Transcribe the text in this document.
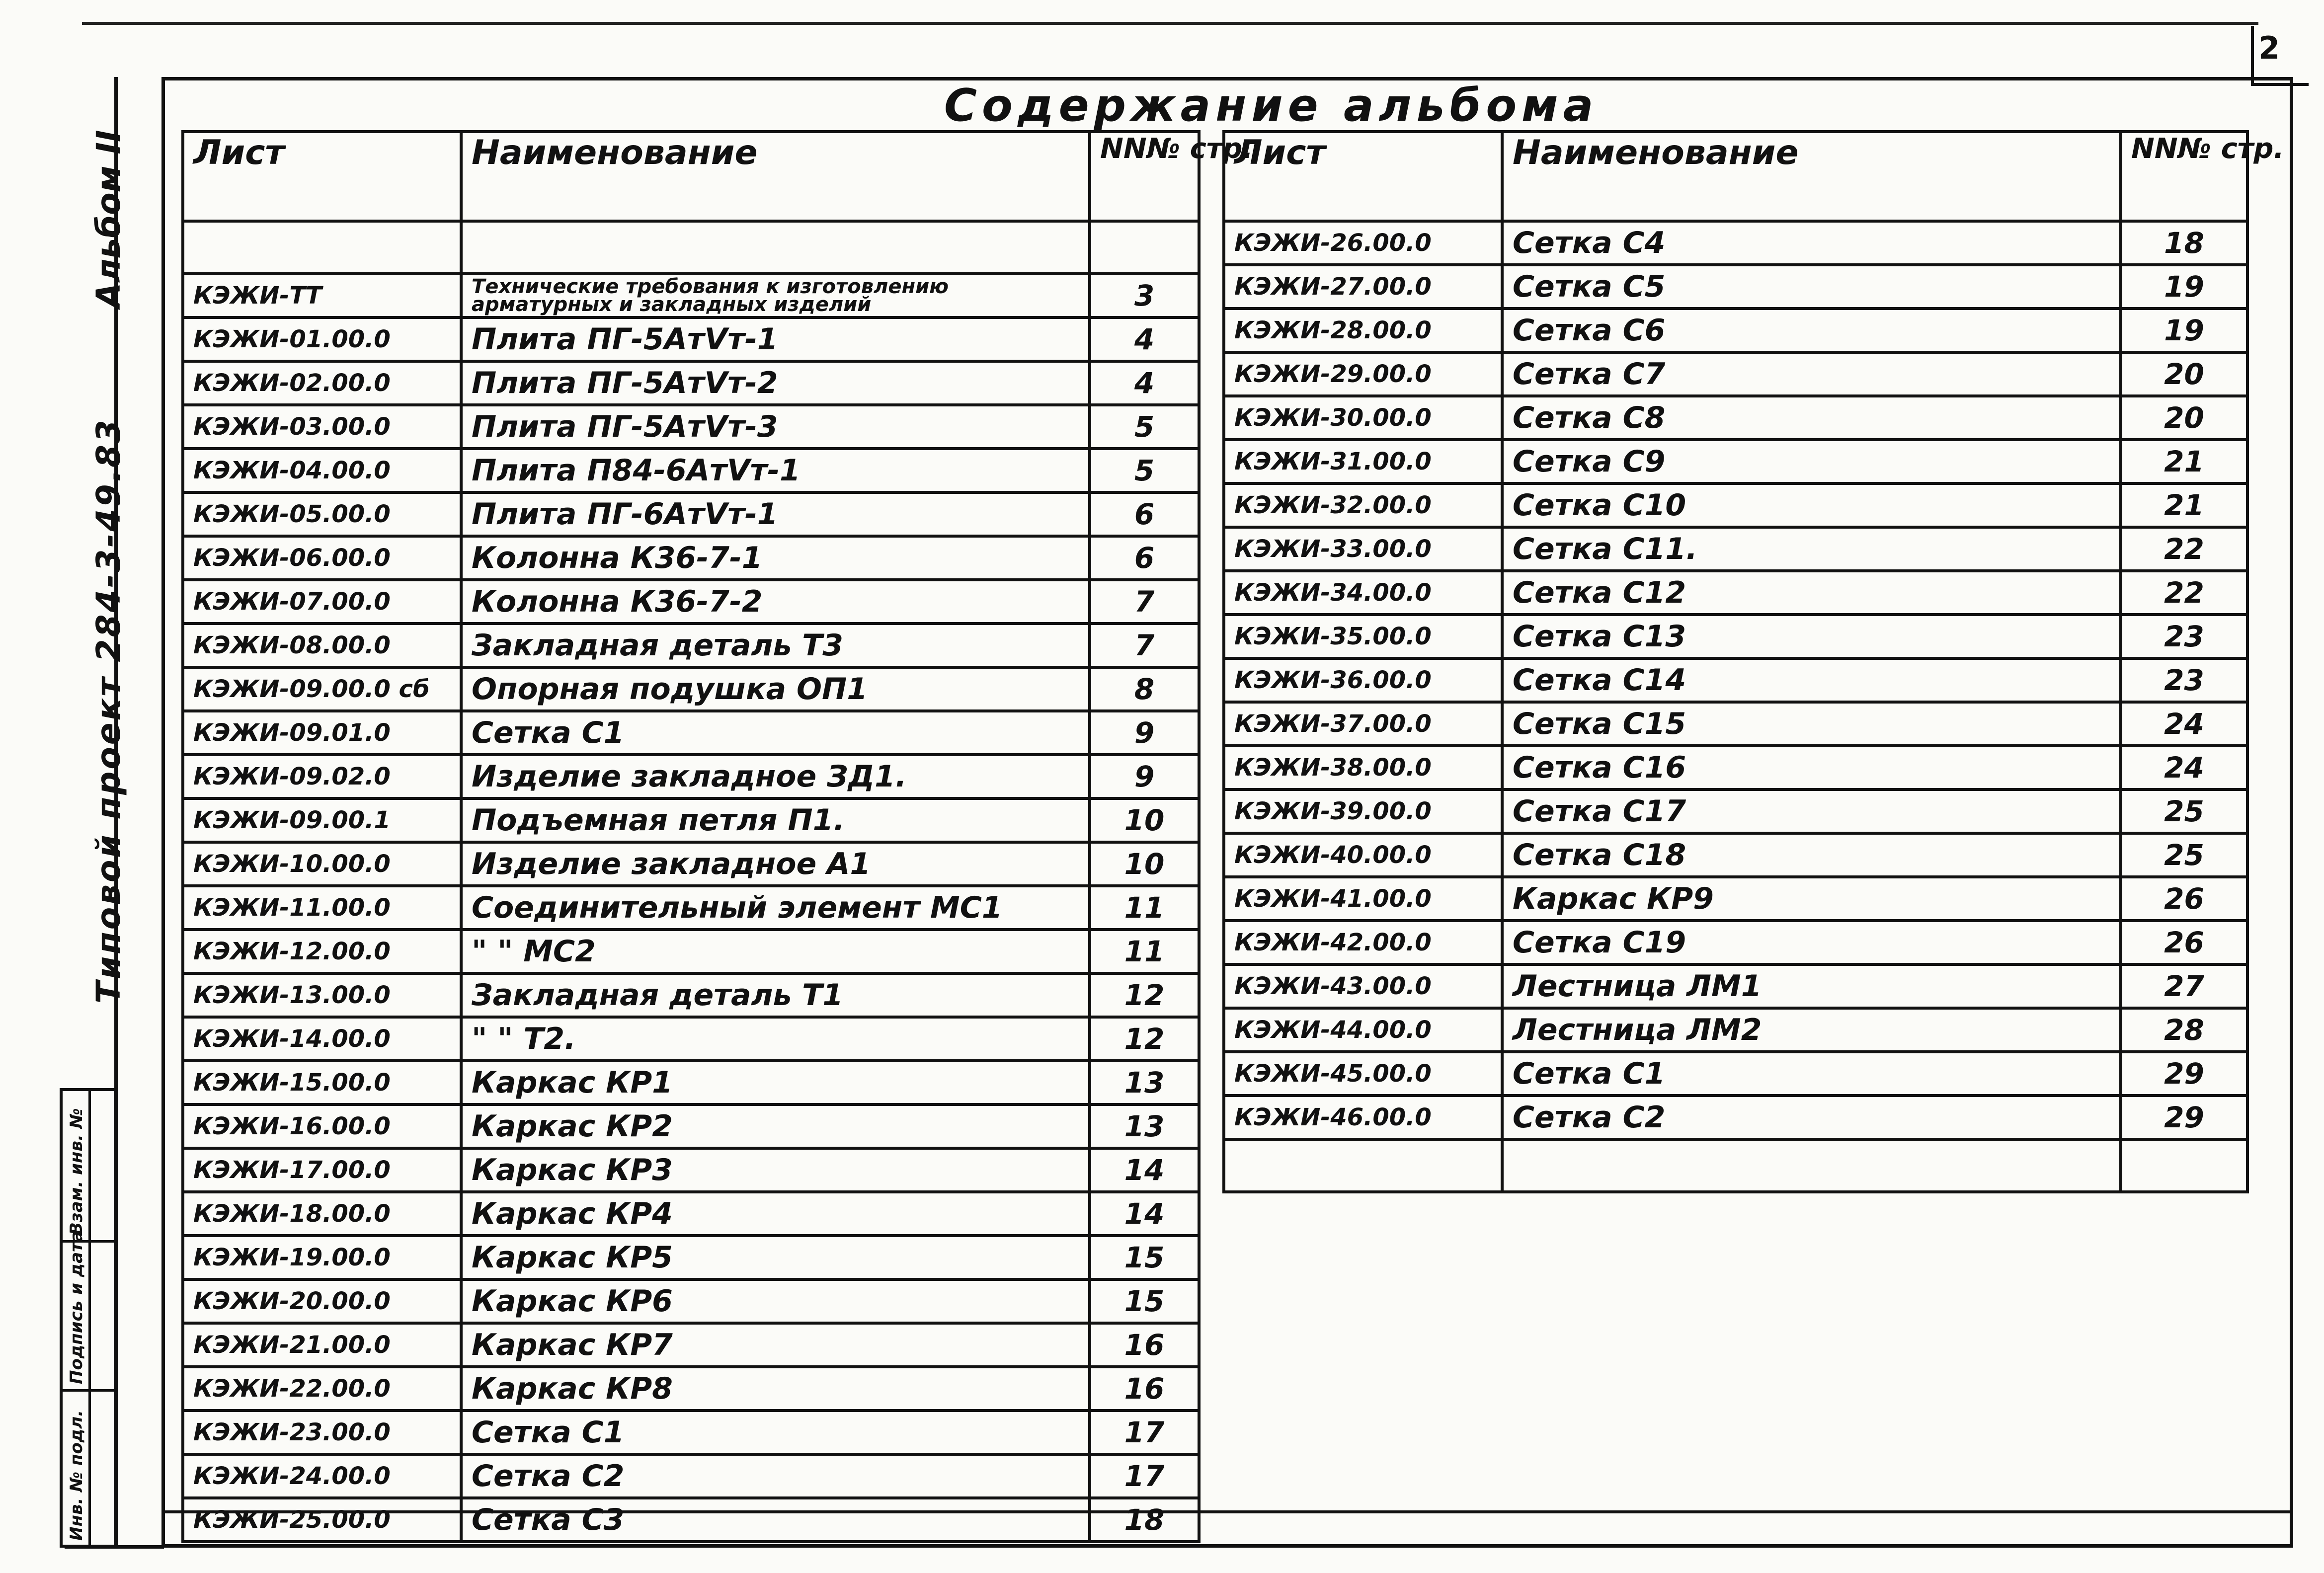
2
Альбом II
Типовой проект 284-3-49.83
Инв. № подл.
Подпись и дата
Взам. инв. №
Содержание альбома
Лист	Наименование	NN№ стр.

КЭЖИ-ТТ	Технические требования к изготовлению арматурных и закладных изделий	3
КЭЖИ-01.00.0	Плита ПГ-5АтVт-1	4
КЭЖИ-02.00.0	Плита ПГ-5АтVт-2	4
КЭЖИ-03.00.0	Плита ПГ-5АтVт-3	5
КЭЖИ-04.00.0	Плита П84-6АтVт-1	5
КЭЖИ-05.00.0	Плита ПГ-6АтVт-1	6
КЭЖИ-06.00.0	Колонна К36-7-1	6
КЭЖИ-07.00.0	Колонна К36-7-2	7
КЭЖИ-08.00.0	Закладная деталь Т3	7
КЭЖИ-09.00.0 сб	Опорная подушка ОП1	8
КЭЖИ-09.01.0	Сетка С1	9
КЭЖИ-09.02.0	Изделие закладное ЗД1.	9
КЭЖИ-09.00.1	Подъемная петля П1.	10
КЭЖИ-10.00.0	Изделие закладное А1	10
КЭЖИ-11.00.0	Соединительный элемент МС1	11
КЭЖИ-12.00.0	" " МС2	11
КЭЖИ-13.00.0	Закладная деталь Т1	12
КЭЖИ-14.00.0	" " Т2.	12
КЭЖИ-15.00.0	Каркас КР1	13
КЭЖИ-16.00.0	Каркас КР2	13
КЭЖИ-17.00.0	Каркас КР3	14
КЭЖИ-18.00.0	Каркас КР4	14
КЭЖИ-19.00.0	Каркас КР5	15
КЭЖИ-20.00.0	Каркас КР6	15
КЭЖИ-21.00.0	Каркас КР7	16
КЭЖИ-22.00.0	Каркас КР8	16
КЭЖИ-23.00.0	Сетка С1	17
КЭЖИ-24.00.0	Сетка С2	17
КЭЖИ-25.00.0	Сетка С3	18
Лист	Наименование	NN№ стр.
КЭЖИ-26.00.0	Сетка С4	18
КЭЖИ-27.00.0	Сетка С5	19
КЭЖИ-28.00.0	Сетка С6	19
КЭЖИ-29.00.0	Сетка С7	20
КЭЖИ-30.00.0	Сетка С8	20
КЭЖИ-31.00.0	Сетка С9	21
КЭЖИ-32.00.0	Сетка С10	21
КЭЖИ-33.00.0	Сетка С11.	22
КЭЖИ-34.00.0	Сетка С12	22
КЭЖИ-35.00.0	Сетка С13	23
КЭЖИ-36.00.0	Сетка С14	23
КЭЖИ-37.00.0	Сетка С15	24
КЭЖИ-38.00.0	Сетка С16	24
КЭЖИ-39.00.0	Сетка С17	25
КЭЖИ-40.00.0	Сетка С18	25
КЭЖИ-41.00.0	Каркас КР9	26
КЭЖИ-42.00.0	Сетка С19	26
КЭЖИ-43.00.0	Лестница ЛМ1	27
КЭЖИ-44.00.0	Лестница ЛМ2	28
КЭЖИ-45.00.0	Сетка С1	29
КЭЖИ-46.00.0	Сетка С2	29
